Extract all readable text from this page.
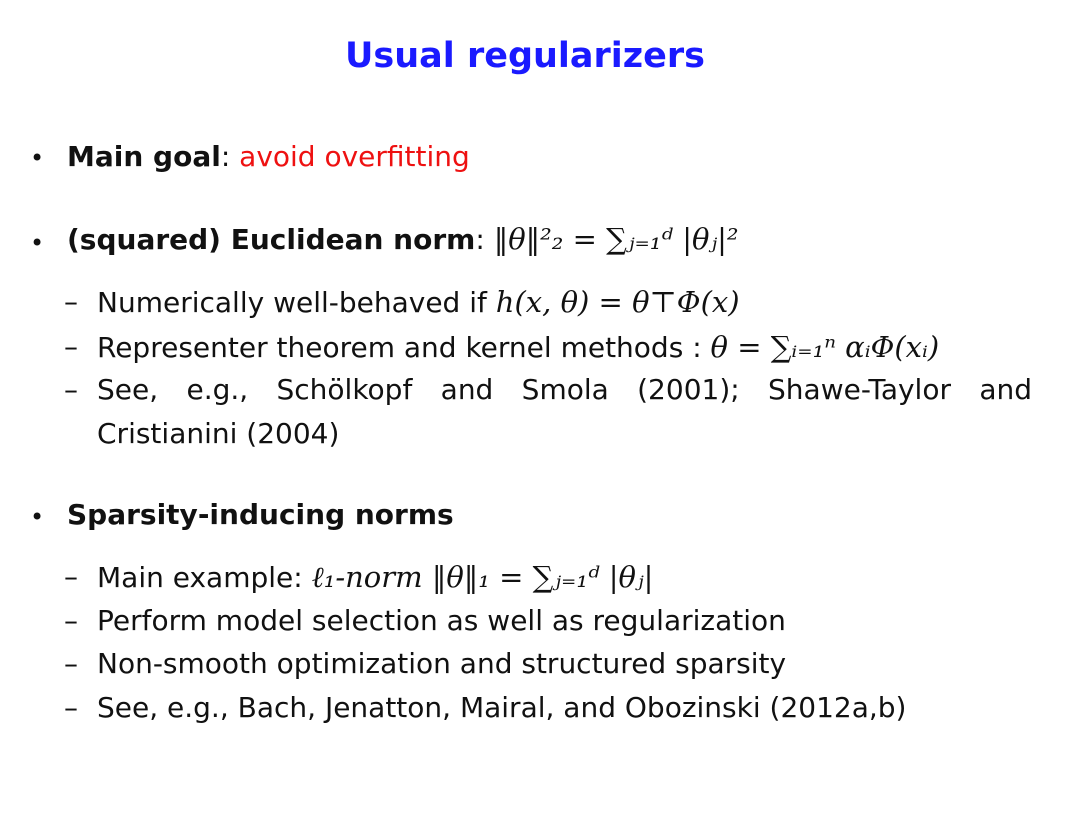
Usual regularizers
• Main goal: avoid overfitting
• (squared) Euclidean norm: ‖θ‖²₂ = ∑ⱼ₌₁ᵈ |θⱼ|²
– Numerically well-behaved if h(x, θ) = θ⊤Φ(x)
– Representer theorem and kernel methods : θ = ∑ᵢ₌₁ⁿ αᵢΦ(xᵢ)
– See, e.g., Schölkopf and Smola (2001); Shawe-Taylor and
Cristianini (2004)
• Sparsity-inducing norms
– Main example: ℓ₁-norm ‖θ‖₁ = ∑ⱼ₌₁ᵈ |θⱼ|
– Perform model selection as well as regularization
– Non-smooth optimization and structured sparsity
– See, e.g., Bach, Jenatton, Mairal, and Obozinski (2012a,b)
